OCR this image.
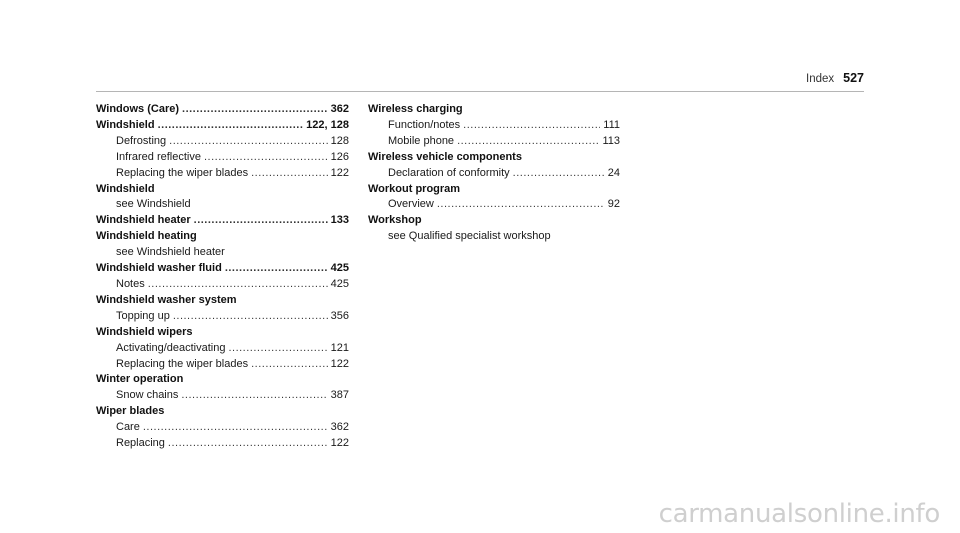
Index 527
Windows (Care) .....	362
Windshield .....	122, 128
Defrosting .....	128
Infrared reflective .....	126
Replacing the wiper blades .....	122
Windshield
see Windshield
Windshield heater .....	133
Windshield heating
see Windshield heater
Windshield washer fluid .....	425
Notes .....	425
Windshield washer system
Topping up .....	356
Windshield wipers
Activating/deactivating .....	121
Replacing the wiper blades .....	122
Winter operation
Snow chains .....	387
Wiper blades
Care .....	362
Replacing .....	122
Wireless charging
Function/notes .....	111
Mobile phone .....	113
Wireless vehicle components
Declaration of conformity .....	24
Workout program
Overview .....	92
Workshop
see Qualified specialist workshop
carmanualsonline.info
